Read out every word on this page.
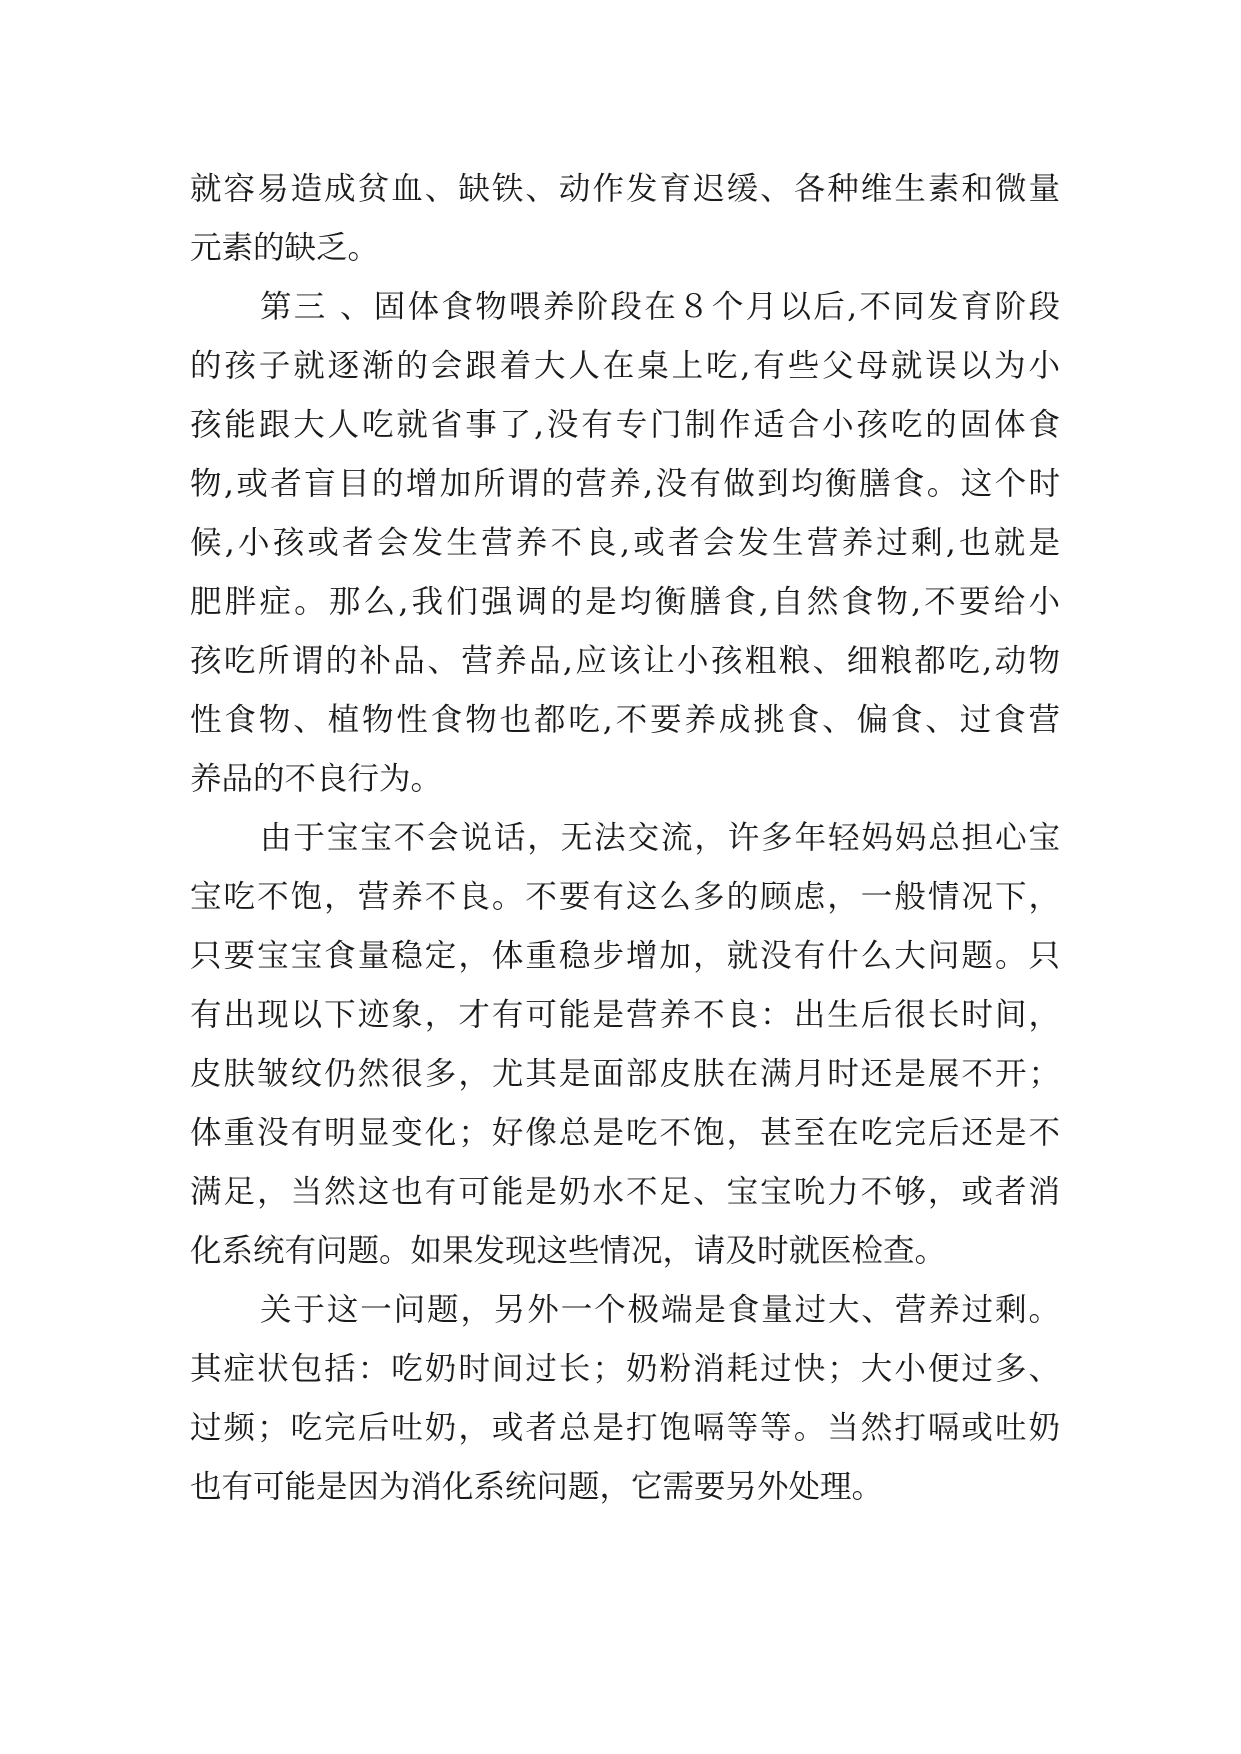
就容易造成贫血、缺铁、动作发育迟缓、各种维生素和微量
元素的缺乏。
第三 、固体食物喂养阶段在８个月以后,不同发育阶段
的孩子就逐渐的会跟着大人在桌上吃,有些父母就误以为小
孩能跟大人吃就省事了,没有专门制作适合小孩吃的固体食
物,或者盲目的增加所谓的营养,没有做到均衡膳食。这个时
候,小孩或者会发生营养不良,或者会发生营养过剩,也就是
肥胖症。那么,我们强调的是均衡膳食,自然食物,不要给小
孩吃所谓的补品、营养品,应该让小孩粗粮、细粮都吃,动物
性食物、植物性食物也都吃,不要养成挑食、偏食、过食营
养品的不良行为。
由于宝宝不会说话，无法交流，许多年轻妈妈总担心宝
宝吃不饱，营养不良。不要有这么多的顾虑，一般情况下，
只要宝宝食量稳定，体重稳步增加，就没有什么大问题。只
有出现以下迹象，才有可能是营养不良：出生后很长时间，
皮肤皱纹仍然很多，尤其是面部皮肤在满月时还是展不开；
体重没有明显变化；好像总是吃不饱，甚至在吃完后还是不
满足，当然这也有可能是奶水不足、宝宝吮力不够，或者消
化系统有问题。如果发现这些情况，请及时就医检查。
关于这一问题，另外一个极端是食量过大、营养过剩。
其症状包括：吃奶时间过长；奶粉消耗过快；大小便过多、
过频；吃完后吐奶，或者总是打饱嗝等等。当然打嗝或吐奶
也有可能是因为消化系统问题，它需要另外处理。
